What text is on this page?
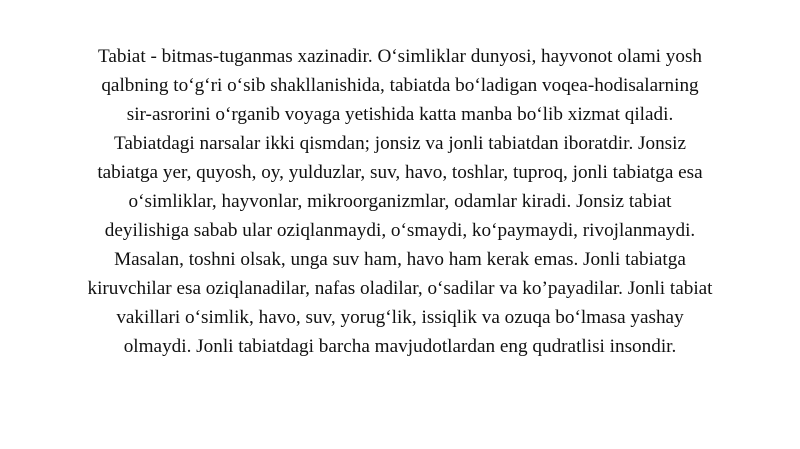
Tabiat - bitmas-tuganmas xazinadir. O‘simliklar dunyosi, hayvonot olami yosh
qalbning to‘g‘ri o‘sib shakllanishida, tabiatda bo‘ladigan voqea-hodisalarning
sir-asrorini o‘rganib voyaga yetishida katta manba bo‘lib xizmat qiladi.
Tabiatdagi narsalar ikki qismdan; jonsiz va jonli tabiatdan iboratdir. Jonsiz
tabiatga yer, quyosh, oy, yulduzlar, suv, havo, toshlar, tuproq, jonli tabiatga esa
o‘simliklar, hayvonlar, mikroorganizmlar, odamlar kiradi. Jonsiz tabiat
deyilishiga sabab ular oziqlanmaydi, o‘smaydi, ko‘paymaydi, rivojlanmaydi.
Masalan, toshni olsak, unga suv ham, havo ham kerak emas. Jonli tabiatga
kiruvchilar esa oziqlanadilar, nafas oladilar, o‘sadilar va ko’payadilar. Jonli tabiat
vakillari o‘simlik, havo, suv, yorug‘lik, issiqlik va ozuqa bo‘lmasa yashay
olmaydi. Jonli tabiatdagi barcha mavjudotlardan eng qudratlisi insondir.
